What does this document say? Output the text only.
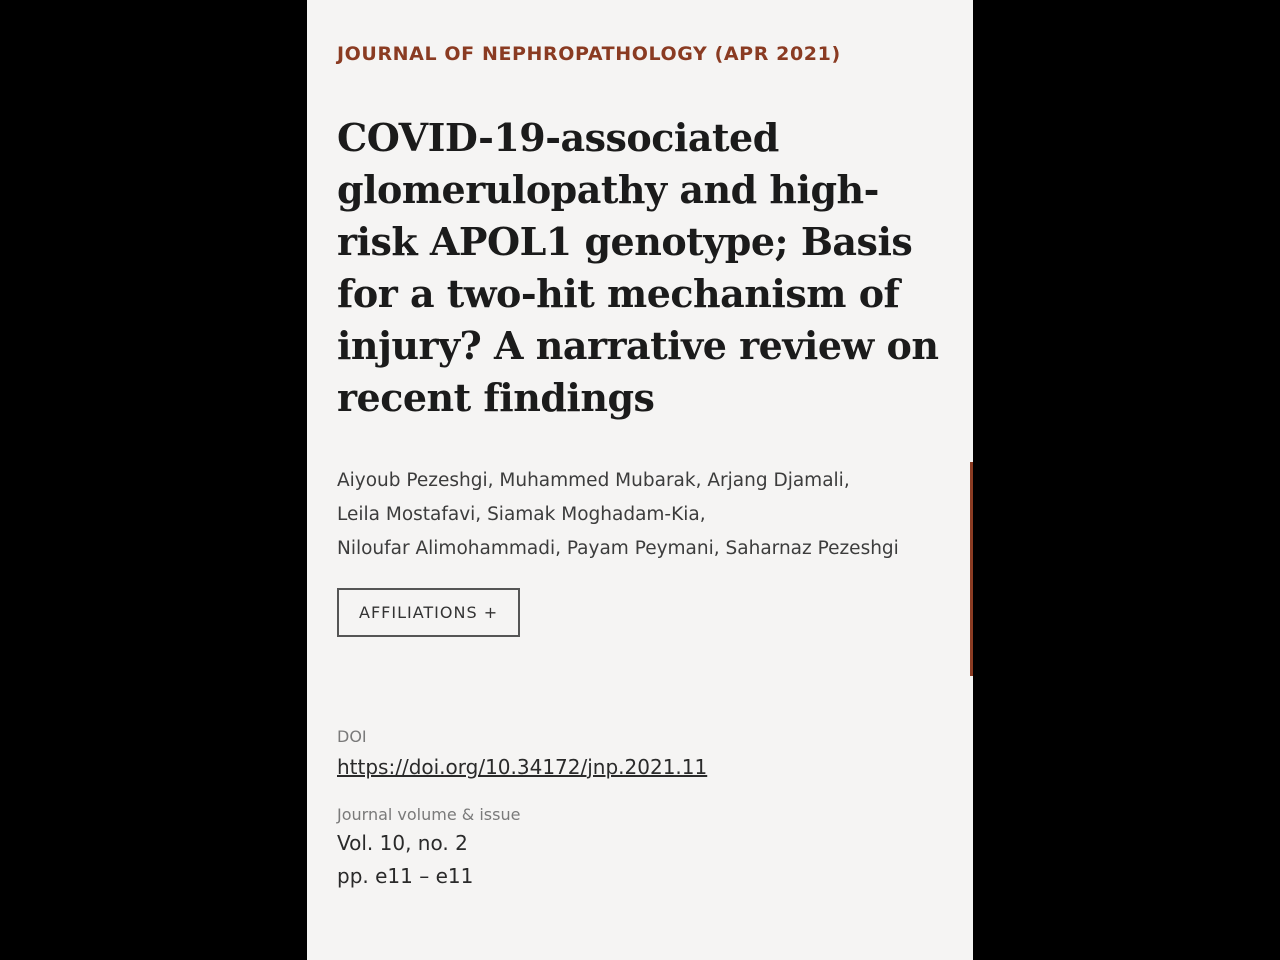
JOURNAL OF NEPHROPATHOLOGY (APR 2021)

COVID-19-associated glomerulopathy and high-risk APOL1 genotype; Basis for a two-hit mechanism of injury? A narrative review on recent findings
Aiyoub Pezeshgi, Muhammed Mubarak, Arjang Djamali,
Leila Mostafavi, Siamak Moghadam-Kia,
Niloufar Alimohammadi, Payam Peymani, Saharnaz Pezeshgi
AFFILIATIONS +
DOI
https://doi.org/10.34172/jnp.2021.11
Journal volume & issue
Vol. 10, no. 2
pp. e11 – e11
